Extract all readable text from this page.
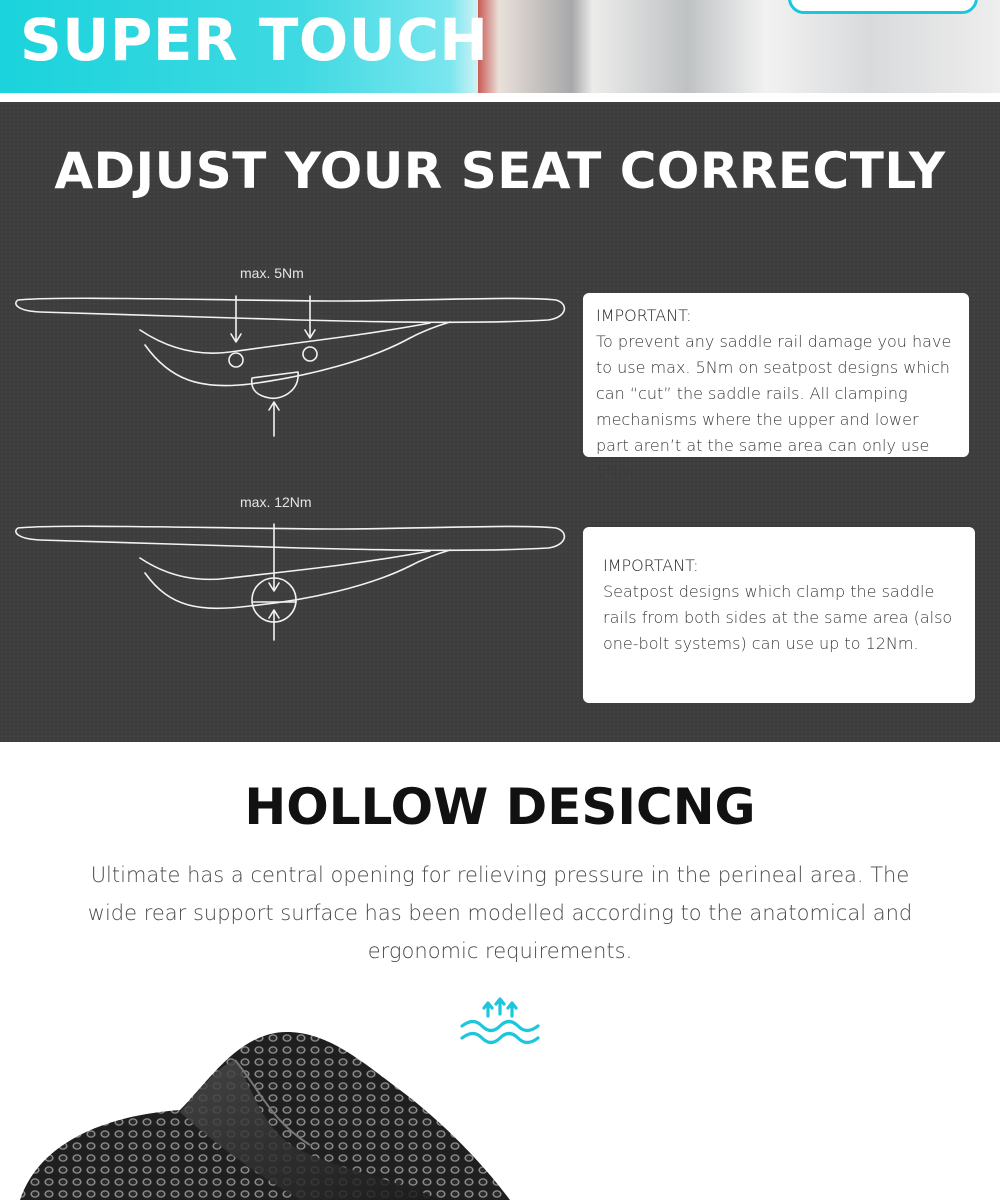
SUPER TOUCH
ADJUST YOUR SEAT CORRECTLY
max. 5Nm
max. 12Nm
IMPORTANT:
To prevent any saddle rail damage you have to use max. 5Nm on seatpost designs which can “cut” the saddle rails. All clamping mechanisms where the upper and lower part aren’t at the same area can only use 5Nm.
IMPORTANT:
Seatpost designs which clamp the saddle rails from both sides at the same area (also one-bolt systems) can use up to 12Nm.
HOLLOW DESICNG
Ultimate has a central opening for relieving pressure in the perineal area. The wide rear support surface has been modelled according to the anatomical and ergonomic requirements.
